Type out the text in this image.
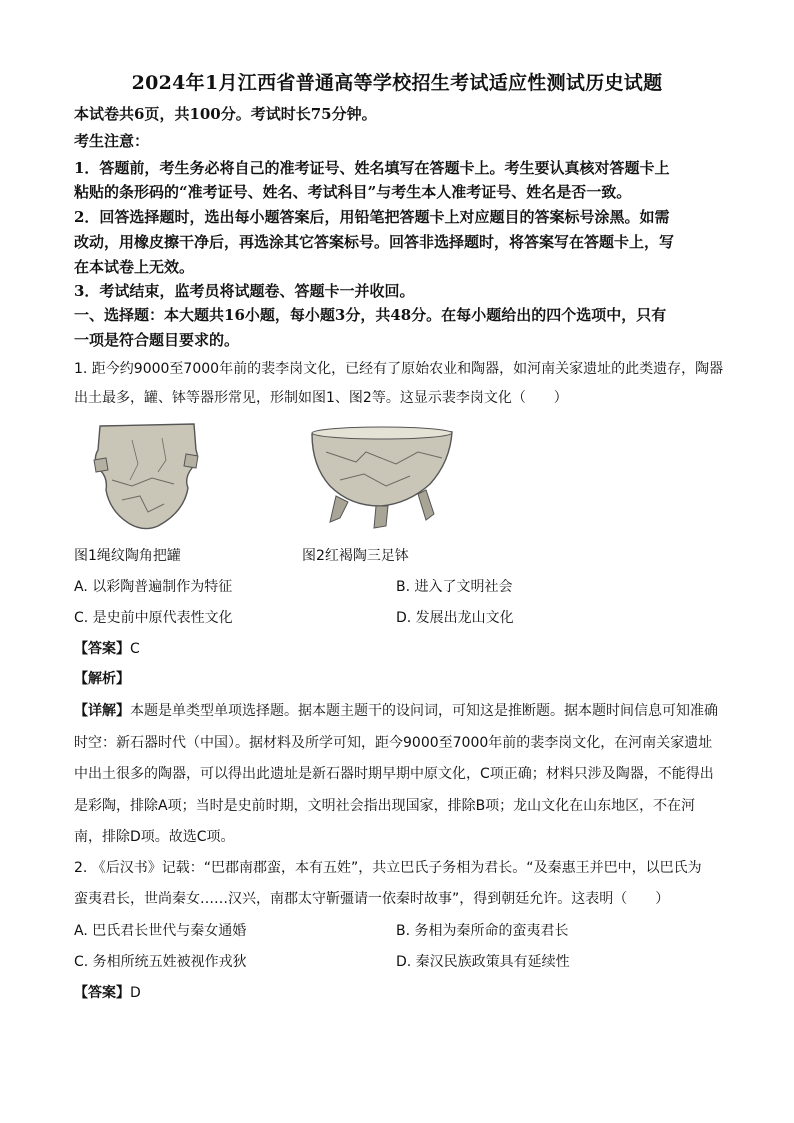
2024年1月江西省普通高等学校招生考试适应性测试历史试题
本试卷共6页，共100分。考试时长75分钟。
考生注意：
1．答题前，考生务必将自己的准考证号、姓名填写在答题卡上。考生要认真核对答题卡上
粘贴的条形码的“准考证号、姓名、考试科目”与考生本人准考证号、姓名是否一致。
2．回答选择题时，选出每小题答案后，用铅笔把答题卡上对应题目的答案标号涂黑。如需
改动，用橡皮擦干净后，再选涂其它答案标号。回答非选择题时，将答案写在答题卡上，写
在本试卷上无效。
3．考试结束，监考员将试题卷、答题卡一并收回。
一、选择题：本大题共16小题，每小题3分，共48分。在每小题给出的四个选项中，只有
一项是符合题目要求的。
1. 距今约9000至7000年前的裴李岗文化，已经有了原始农业和陶器，如河南关家遗址的此类遗存，陶器
出土最多，罐、钵等器形常见，形制如图1、图2等。这显示裴李岗文化（　　）
图1绳纹陶角把罐	图2红褐陶三足钵
A. 以彩陶普遍制作为特征	B. 进入了文明社会
C. 是史前中原代表性文化	D. 发展出龙山文化
【答案】C
【解析】
【详解】本题是单类型单项选择题。据本题主题干的设问词，可知这是推断题。据本题时间信息可知准确
时空：新石器时代（中国）。据材料及所学可知，距今9000至7000年前的裴李岗文化，在河南关家遗址
中出土很多的陶器，可以得出此遗址是新石器时期早期中原文化，C项正确；材料只涉及陶器，不能得出
是彩陶，排除A项；当时是史前时期，文明社会指出现国家，排除B项；龙山文化在山东地区，不在河
南，排除D项。故选C项。
2. 《后汉书》记载：“巴郡南郡蛮，本有五姓”，共立巴氏子务相为君长。“及秦惠王并巴中，以巴氏为
蛮夷君长，世尚秦女……汉兴，南郡太守靳彊请一依秦时故事”，得到朝廷允许。这表明（　　）
A. 巴氏君长世代与秦女通婚	B. 务相为秦所命的蛮夷君长
C. 务相所统五姓被视作戎狄	D. 秦汉民族政策具有延续性
【答案】D
